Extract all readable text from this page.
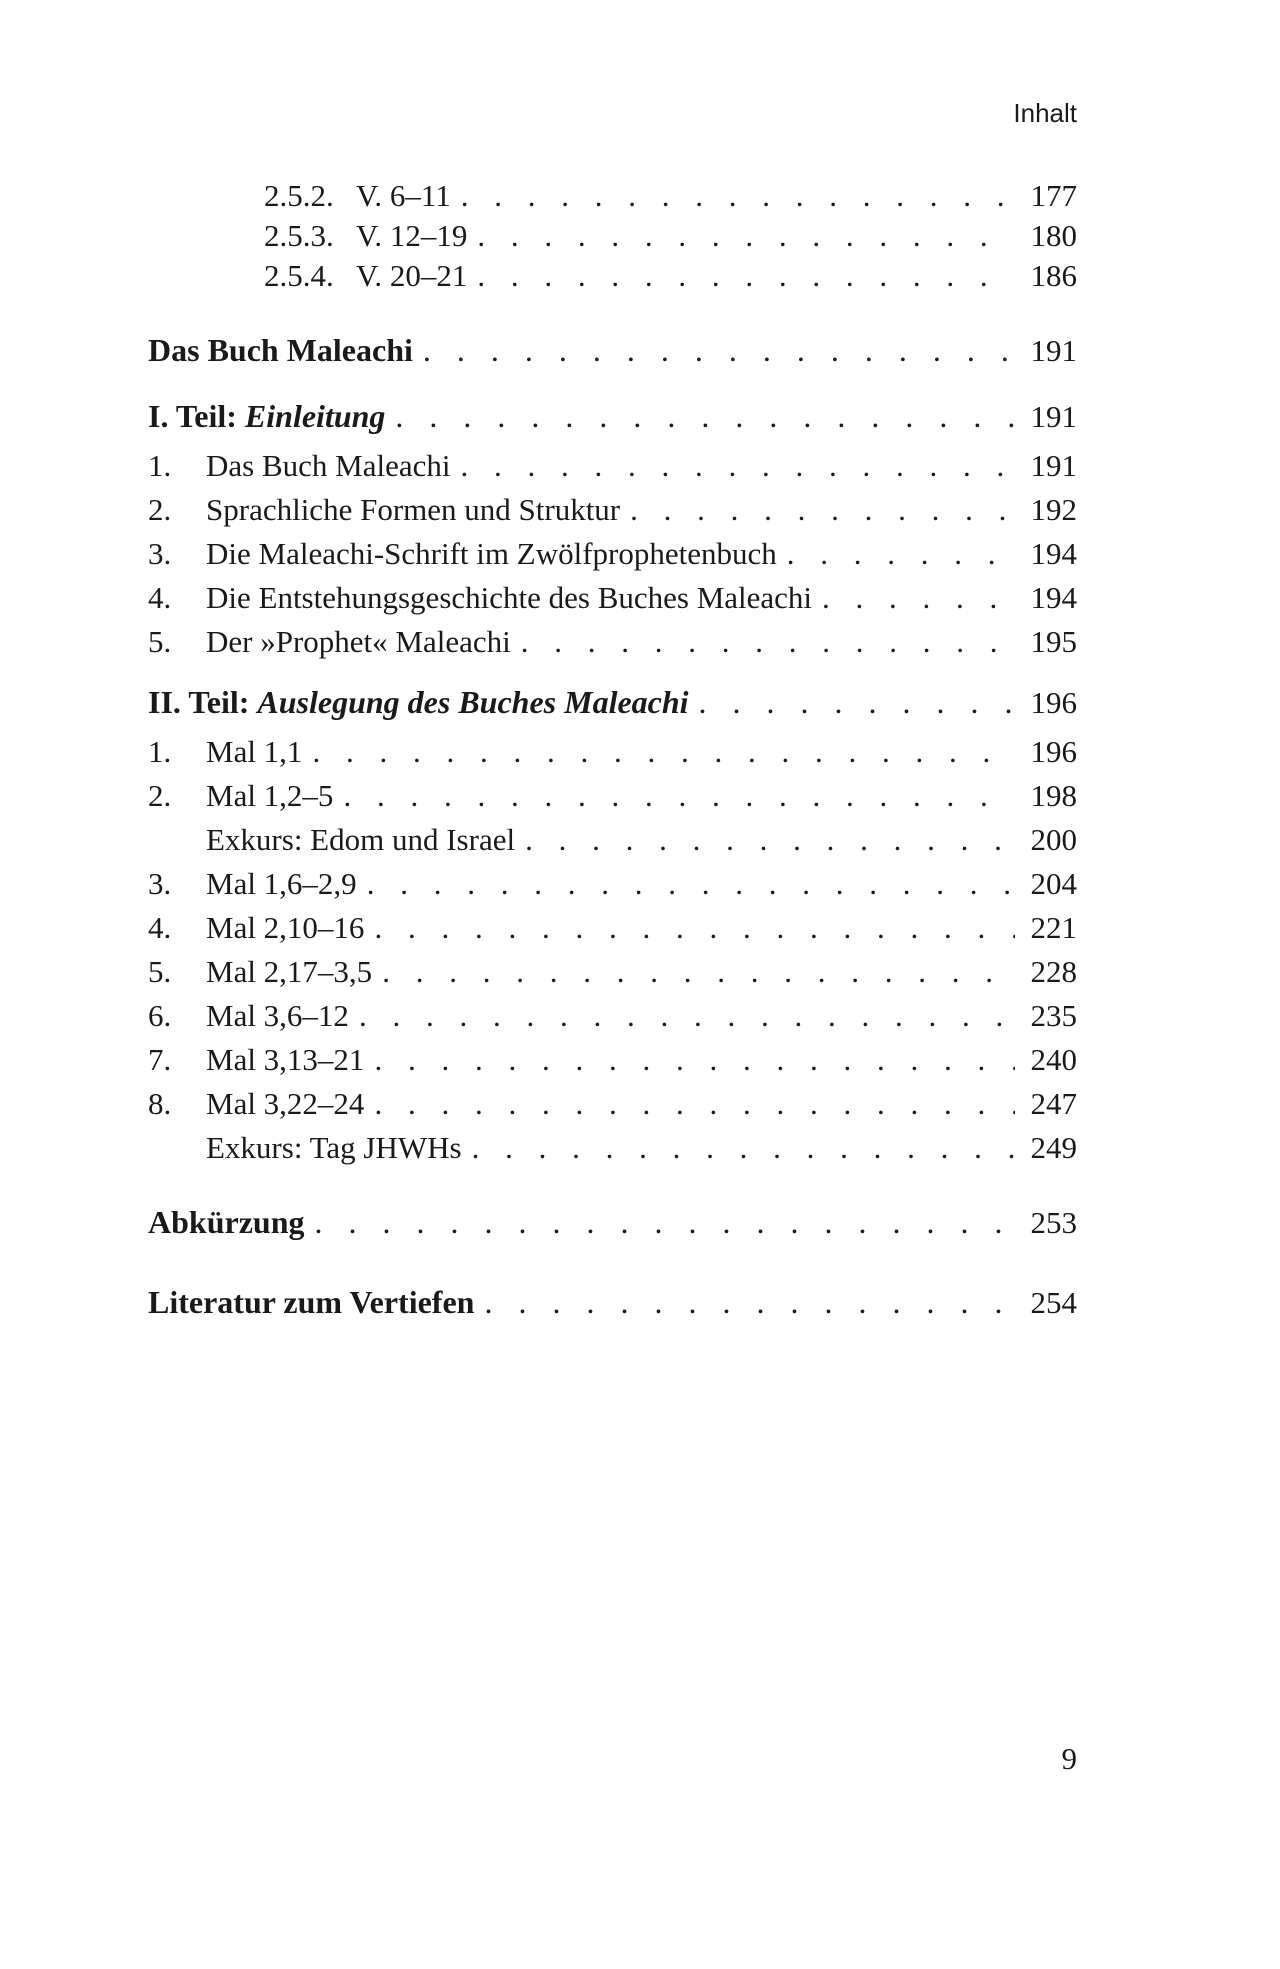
Inhalt
2.5.2. V. 6–11 . . .	177
2.5.3. V. 12–19 . . .	180
2.5.4. V. 20–21 . . .	186
Das Buch Maleachi . . .	191
I. Teil: Einleitung . . .	191
1.	Das Buch Maleachi . . .	191
2.	Sprachliche Formen und Struktur . . .	192
3.	Die Maleachi-Schrift im Zwölfprophetenbuch . . .	194
4.	Die Entstehungsgeschichte des Buches Maleachi . . .	194
5.	Der »Prophet« Maleachi . . .	195
II. Teil: Auslegung des Buches Maleachi . . .	196
1.	Mal 1,1 . . .	196
2.	Mal 1,2–5 . . .	198
Exkurs: Edom und Israel . . .	200
3.	Mal 1,6–2,9 . . .	204
4.	Mal 2,10–16 . . .	221
5.	Mal 2,17–3,5 . . .	228
6.	Mal 3,6–12 . . .	235
7.	Mal 3,13–21 . . .	240
8.	Mal 3,22–24 . . .	247
Exkurs: Tag JHWHs . . .	249
Abkürzung . . .	253
Literatur zum Vertiefen . . .	254
9
